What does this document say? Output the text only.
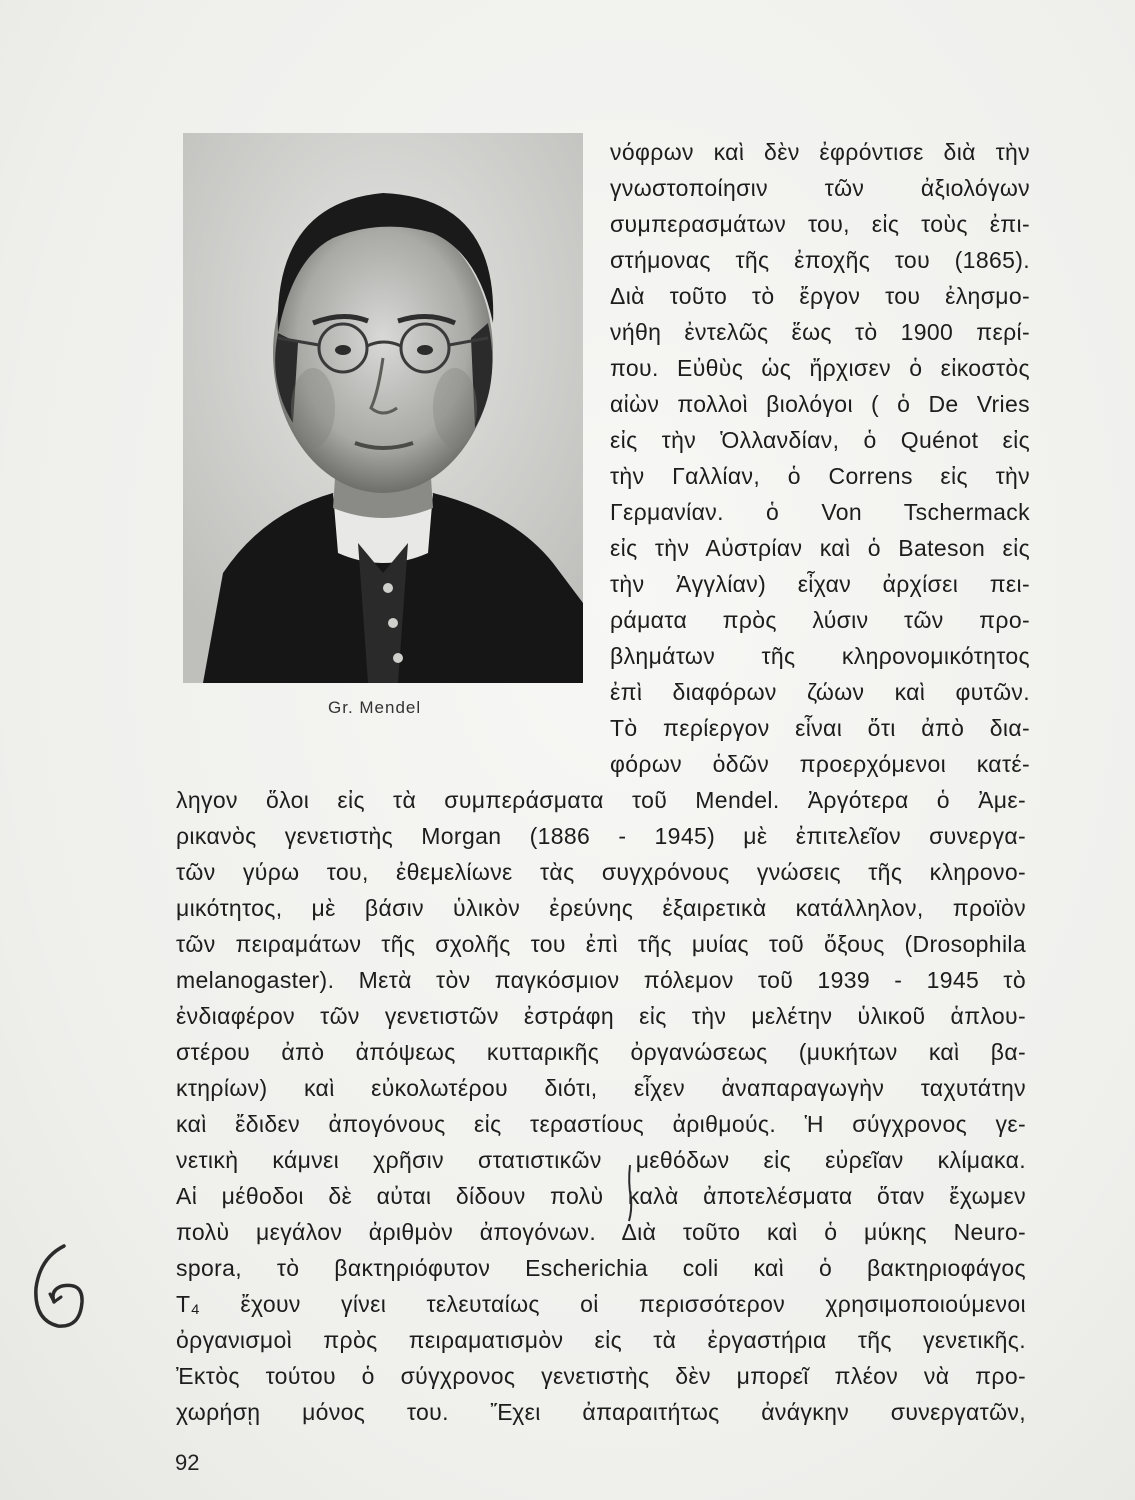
Gr. Mendel
νόφρων καὶ δὲν ἐφρόντισε διὰ τὴν
γνωστοποίησιν τῶν ἀξιολόγων
συμπερασμάτων του, εἰς τοὺς ἐπι-
στήμονας τῆς ἐποχῆς του (1865).
Διὰ τοῦτο τὸ ἔργον του ἐλησμο-
νήθη ἐντελῶς ἕως τὸ 1900 περί-
που. Εὐθὺς ὡς ἤρχισεν ὁ εἰκοστὸς
αἰὼν πολλοὶ βιολόγοι ( ὁ De Vries
εἰς τὴν Ὁλλανδίαν, ὁ Quénot εἰς
τὴν Γαλλίαν, ὁ Correns εἰς τὴν
Γερμανίαν. ὁ Von Tschermack
εἰς τὴν Αὐστρίαν καὶ ὁ Bateson εἰς
τὴν Ἀγγλίαν) εἶχαν ἀρχίσει πει-
ράματα πρὸς λύσιν τῶν προ-
βλημάτων τῆς κληρονομικότητος
ἐπὶ διαφόρων ζώων καὶ φυτῶν.
Τὸ περίεργον εἶναι ὅτι ἀπὸ δια-
φόρων ὁδῶν προερχόμενοι κατέ-
ληγον ὅλοι εἰς τὰ συμπεράσματα τοῦ Mendel. Ἀργότερα ὁ Ἀμε-
ρικανὸς γενετιστὴς Morgan (1886 - 1945) μὲ ἐπιτελεῖον συνεργα-
τῶν γύρω του, ἐθεμελίωνε τὰς συγχρόνους γνώσεις τῆς κληρονο-
μικότητος, μὲ βάσιν ὑλικὸν ἐρεύνης ἐξαιρετικὰ κατάλληλον, προϊὸν
τῶν πειραμάτων τῆς σχολῆς του ἐπὶ τῆς μυίας τοῦ ὄξους (Drosophila
melanogaster). Μετὰ τὸν παγκόσμιον πόλεμον τοῦ 1939 - 1945 τὸ
ἐνδιαφέρον τῶν γενετιστῶν ἐστράφη εἰς τὴν μελέτην ὑλικοῦ ἁπλου-
στέρου ἀπὸ ἀπόψεως κυτταρικῆς ὀργανώσεως (μυκήτων καὶ βα-
κτηρίων) καὶ εὐκολωτέρου διότι, εἶχεν ἀναπαραγωγὴν ταχυτάτην
καὶ ἔδιδεν ἀπογόνους εἰς τεραστίους ἀριθμούς. Ἡ σύγχρονος γε-
νετικὴ κάμνει χρῆσιν στατιστικῶν μεθόδων εἰς εὐρεῖαν κλίμακα.
Αἱ μέθοδοι δὲ αὐται δίδουν πολὺ καλὰ ἀποτελέσματα ὅταν ἔχωμεν
πολὺ μεγάλον ἀριθμὸν ἀπογόνων. Διὰ τοῦτο καὶ ὁ μύκης Neuro-
spora, τὸ βακτηριόφυτον Escherichia coli καὶ ὁ βακτηριοφάγος
T₄ ἔχουν γίνει τελευταίως οἱ περισσότερον χρησιμοποιούμενοι
ὀργανισμοὶ πρὸς πειραματισμὸν εἰς τὰ ἐργαστήρια τῆς γενετικῆς.
Ἐκτὸς τούτου ὁ σύγχρονος γενετιστὴς δὲν μπορεῖ πλέον νὰ προ-
χωρήσῃ μόνος του. Ἔχει ἀπαραιτήτως ἀνάγκην συνεργατῶν,
92
